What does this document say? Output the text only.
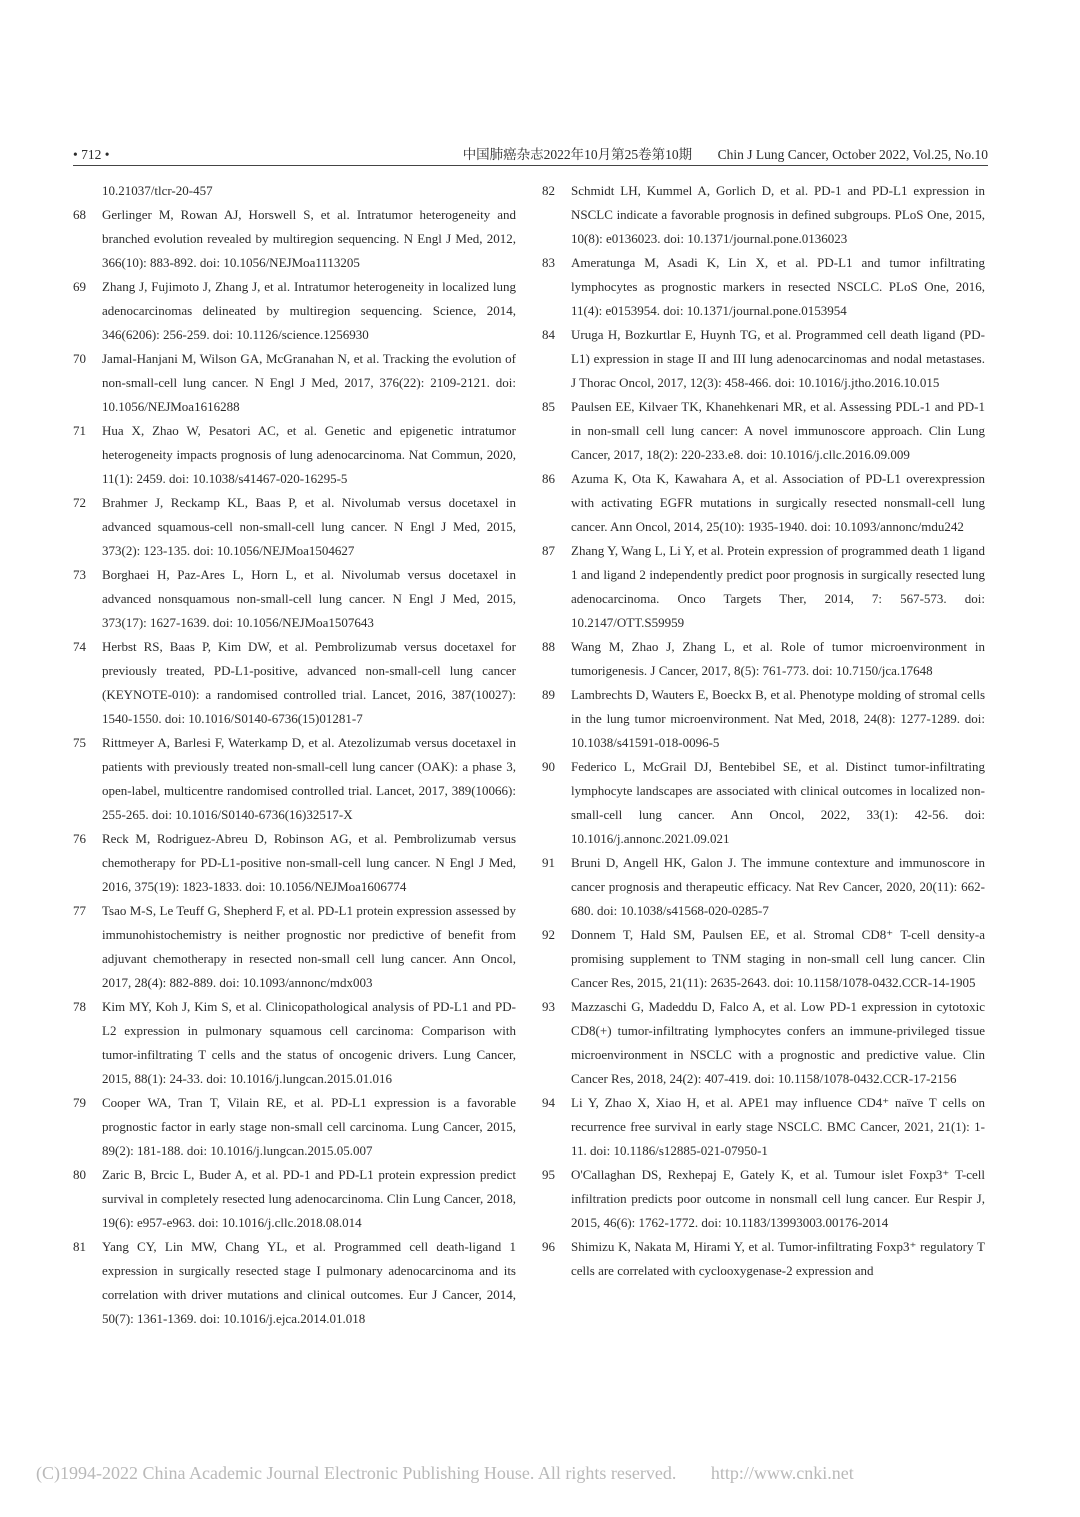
• 712 •	中国肺癌杂志2022年10月第25卷第10期 Chin J Lung Cancer, October 2022, Vol.25, No.10

10.21037/tlcr-20-457

68 Gerlinger M, Rowan AJ, Horswell S, et al. Intratumor heterogeneity and branched evolution revealed by multiregion sequencing. N Engl J Med, 2012, 366(10): 883-892. doi: 10.1056/NEJMoa1113205

69 Zhang J, Fujimoto J, Zhang J, et al. Intratumor heterogeneity in localized lung adenocarcinomas delineated by multiregion sequencing. Science, 2014, 346(6206): 256-259. doi: 10.1126/science.1256930

70 Jamal-Hanjani M, Wilson GA, McGranahan N, et al. Tracking the evolution of non-small-cell lung cancer. N Engl J Med, 2017, 376(22): 2109-2121. doi: 10.1056/NEJMoa1616288

71 Hua X, Zhao W, Pesatori AC, et al. Genetic and epigenetic intratumor heterogeneity impacts prognosis of lung adenocarcinoma. Nat Commun, 2020, 11(1): 2459. doi: 10.1038/s41467-020-16295-5

72 Brahmer J, Reckamp KL, Baas P, et al. Nivolumab versus docetaxel in advanced squamous-cell non-small-cell lung cancer. N Engl J Med, 2015, 373(2): 123-135. doi: 10.1056/NEJMoa1504627

73 Borghaei H, Paz-Ares L, Horn L, et al. Nivolumab versus docetaxel in advanced nonsquamous non-small-cell lung cancer. N Engl J Med, 2015, 373(17): 1627-1639. doi: 10.1056/NEJMoa1507643

74 Herbst RS, Baas P, Kim DW, et al. Pembrolizumab versus docetaxel for previously treated, PD-L1-positive, advanced non-small-cell lung cancer (KEYNOTE-010): a randomised controlled trial. Lancet, 2016, 387(10027): 1540-1550. doi: 10.1016/S0140-6736(15)01281-7

75 Rittmeyer A, Barlesi F, Waterkamp D, et al. Atezolizumab versus docetaxel in patients with previously treated non-small-cell lung cancer (OAK): a phase 3, open-label, multicentre randomised controlled trial. Lancet, 2017, 389(10066): 255-265. doi: 10.1016/S0140-6736(16)32517-X

76 Reck M, Rodriguez-Abreu D, Robinson AG, et al. Pembrolizumab versus chemotherapy for PD-L1-positive non-small-cell lung cancer. N Engl J Med, 2016, 375(19): 1823-1833. doi: 10.1056/NEJMoa1606774

77 Tsao M-S, Le Teuff G, Shepherd F, et al. PD-L1 protein expression assessed by immunohistochemistry is neither prognostic nor predictive of benefit from adjuvant chemotherapy in resected non-small cell lung cancer. Ann Oncol, 2017, 28(4): 882-889. doi: 10.1093/annonc/mdx003

78 Kim MY, Koh J, Kim S, et al. Clinicopathological analysis of PD-L1 and PD-L2 expression in pulmonary squamous cell carcinoma: Comparison with tumor-infiltrating T cells and the status of oncogenic drivers. Lung Cancer, 2015, 88(1): 24-33. doi: 10.1016/j.lungcan.2015.01.016

79 Cooper WA, Tran T, Vilain RE, et al. PD-L1 expression is a favorable prognostic factor in early stage non-small cell carcinoma. Lung Cancer, 2015, 89(2): 181-188. doi: 10.1016/j.lungcan.2015.05.007

80 Zaric B, Brcic L, Buder A, et al. PD-1 and PD-L1 protein expression predict survival in completely resected lung adenocarcinoma. Clin Lung Cancer, 2018, 19(6): e957-e963. doi: 10.1016/j.cllc.2018.08.014

81 Yang CY, Lin MW, Chang YL, et al. Programmed cell death-ligand 1 expression in surgically resected stage I pulmonary adenocarcinoma and its correlation with driver mutations and clinical outcomes. Eur J Cancer, 2014, 50(7): 1361-1369. doi: 10.1016/j.ejca.2014.01.018

82 Schmidt LH, Kummel A, Gorlich D, et al. PD-1 and PD-L1 expression in NSCLC indicate a favorable prognosis in defined subgroups. PLoS One, 2015, 10(8): e0136023. doi: 10.1371/journal.pone.0136023

83 Ameratunga M, Asadi K, Lin X, et al. PD-L1 and tumor infiltrating lymphocytes as prognostic markers in resected NSCLC. PLoS One, 2016, 11(4): e0153954. doi: 10.1371/journal.pone.0153954

84 Uruga H, Bozkurtlar E, Huynh TG, et al. Programmed cell death ligand (PD-L1) expression in stage II and III lung adenocarcinomas and nodal metastases. J Thorac Oncol, 2017, 12(3): 458-466. doi: 10.1016/j.jtho.2016.10.015

85 Paulsen EE, Kilvaer TK, Khanehkenari MR, et al. Assessing PDL-1 and PD-1 in non-small cell lung cancer: A novel immunoscore approach. Clin Lung Cancer, 2017, 18(2): 220-233.e8. doi: 10.1016/j.cllc.2016.09.009

86 Azuma K, Ota K, Kawahara A, et al. Association of PD-L1 overexpression with activating EGFR mutations in surgically resected nonsmall-cell lung cancer. Ann Oncol, 2014, 25(10): 1935-1940. doi: 10.1093/annonc/mdu242

87 Zhang Y, Wang L, Li Y, et al. Protein expression of programmed death 1 ligand 1 and ligand 2 independently predict poor prognosis in surgically resected lung adenocarcinoma. Onco Targets Ther, 2014, 7: 567-573. doi: 10.2147/OTT.S59959

88 Wang M, Zhao J, Zhang L, et al. Role of tumor microenvironment in tumorigenesis. J Cancer, 2017, 8(5): 761-773. doi: 10.7150/jca.17648

89 Lambrechts D, Wauters E, Boeckx B, et al. Phenotype molding of stromal cells in the lung tumor microenvironment. Nat Med, 2018, 24(8): 1277-1289. doi: 10.1038/s41591-018-0096-5

90 Federico L, McGrail DJ, Bentebibel SE, et al. Distinct tumor-infiltrating lymphocyte landscapes are associated with clinical outcomes in localized non-small-cell lung cancer. Ann Oncol, 2022, 33(1): 42-56. doi: 10.1016/j.annonc.2021.09.021

91 Bruni D, Angell HK, Galon J. The immune contexture and immunoscore in cancer prognosis and therapeutic efficacy. Nat Rev Cancer, 2020, 20(11): 662-680. doi: 10.1038/s41568-020-0285-7

92 Donnem T, Hald SM, Paulsen EE, et al. Stromal CD8⁺ T-cell density-a promising supplement to TNM staging in non-small cell lung cancer. Clin Cancer Res, 2015, 21(11): 2635-2643. doi: 10.1158/1078-0432.CCR-14-1905

93 Mazzaschi G, Madeddu D, Falco A, et al. Low PD-1 expression in cytotoxic CD8(+) tumor-infiltrating lymphocytes confers an immune-privileged tissue microenvironment in NSCLC with a prognostic and predictive value. Clin Cancer Res, 2018, 24(2): 407-419. doi: 10.1158/1078-0432.CCR-17-2156

94 Li Y, Zhao X, Xiao H, et al. APE1 may influence CD4⁺ naïve T cells on recurrence free survival in early stage NSCLC. BMC Cancer, 2021, 21(1): 1-11. doi: 10.1186/s12885-021-07950-1

95 O'Callaghan DS, Rexhepaj E, Gately K, et al. Tumour islet Foxp3⁺ T-cell infiltration predicts poor outcome in nonsmall cell lung cancer. Eur Respir J, 2015, 46(6): 1762-1772. doi: 10.1183/13993003.00176-2014

96 Shimizu K, Nakata M, Hirami Y, et al. Tumor-infiltrating Foxp3⁺ regulatory T cells are correlated with cyclooxygenase-2 expression and

(C)1994-2022 China Academic Journal Electronic Publishing House. All rights reserved. http://www.cnki.net
